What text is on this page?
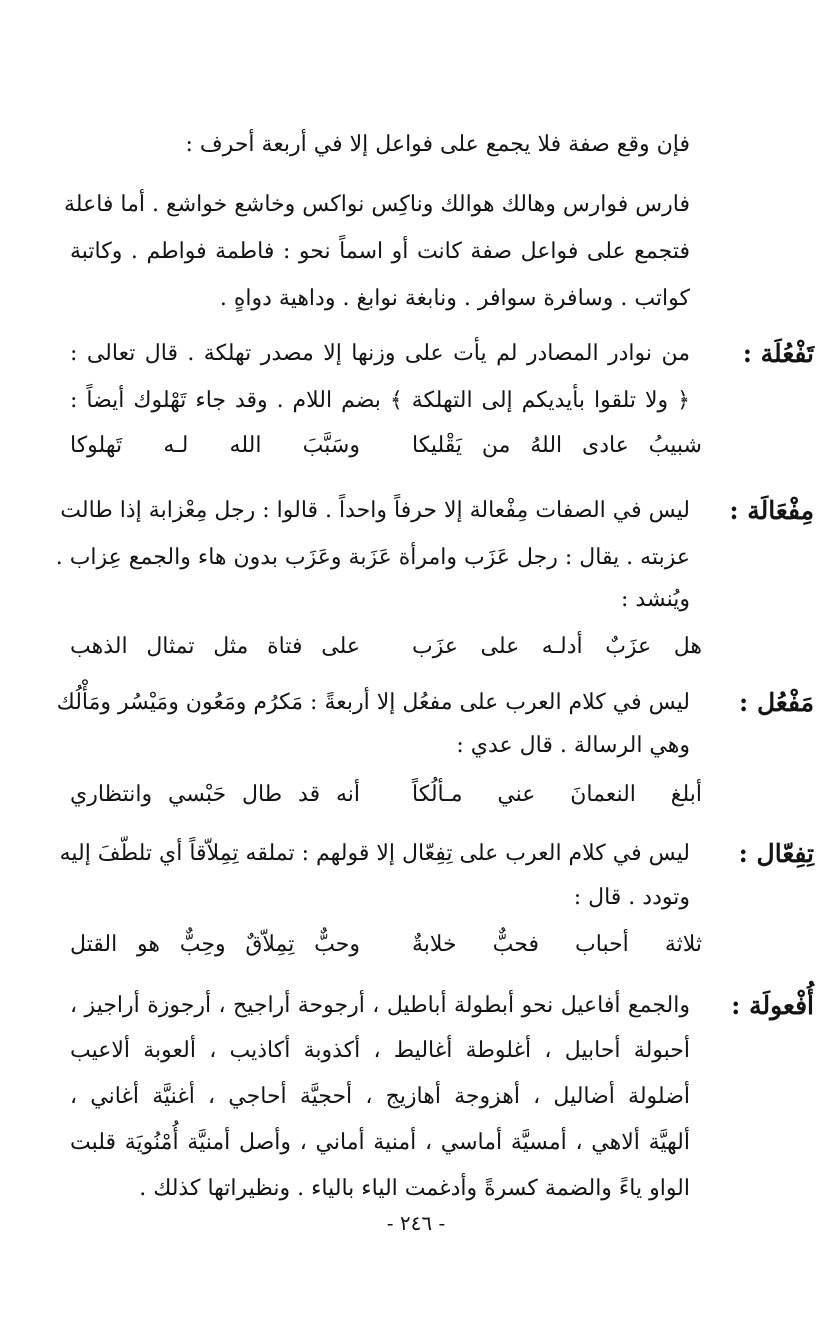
فإن وقع صفة فلا يجمع على فواعل إلا في أربعة أحرف :
فارس فوارس وهالك هوالك وناكِس نواكس وخاشع خواشع . أما فاعلة
فتجمع على فواعل صفة كانت أو اسماً نحو : فاطمة فواطم . وكاتبة
كواتب . وسافرة سوافر . ونابغة نوابغ . وداهية دواهٍ .
تَفْعُلَة :
من نوادر المصادر لم يأت على وزنها إلا مصدر تهلكة . قال تعالى :
﴿ ولا تلقوا بأيديكم إلى التهلكة ﴾ بضم اللام . وقد جاء تَهْلوك أيضاً :
شبيبُ عادى اللهُ من يَقْليكا
وسَبَّبَ الله لـه تَهلوكا
مِفْعَالَة :
ليس في الصفات مِفْعالة إلا حرفاً واحداً . قالوا : رجل مِعْزابة إذا طالت
عزبته . يقال : رجل عَزَب وامرأة عَزَبة وعَزَب بدون هاء والجمع عِزاب .
ويُنشد :
هل عزَبٌ أدلـه على عزَب
على فتاة مثل تمثال الذهب
مَفْعُل :
ليس في كلام العرب على مفعُل إلا أربعةً : مَكرُم ومَعُون ومَيْسُر ومَأْلُك
وهي الرسالة . قال عدي :
أبلغ النعمانَ عني مـألُكاً
أنه قد طال حَبْسي وانتظاري
تِفِعّال :
ليس في كلام العرب على تِفِعّال إلا قولهم : تملقه تِمِلاّقاً أي تلطّفَ إليه
وتودد . قال :
ثلاثة أحباب فحبٌّ خلابةٌ
وحبٌّ تِمِلاّقٌ وحِبٌّ هو القتل
أُفْعولَة :
والجمع أفاعيل نحو أبطولة أباطيل ، أرجوحة أراجيح ، أرجوزة أراجيز ،
أحبولة أحابيل ، أغلوطة أغاليط ، أكذوبة أكاذيب ، ألعوبة ألاعيب
أضلولة أضاليل ، أهزوجة أهازيج ، أحجيَّة أحاجي ، أغنيَّة أغاني ،
ألهيَّة ألاهي ، أمسيَّة أماسي ، أمنية أماني ، وأصل أمنيَّة أُمْنُويَة قلبت
الواو ياءً والضمة كسرةً وأدغمت الياء بالياء . ونظيراتها كذلك .
- ٢٤٦ -
